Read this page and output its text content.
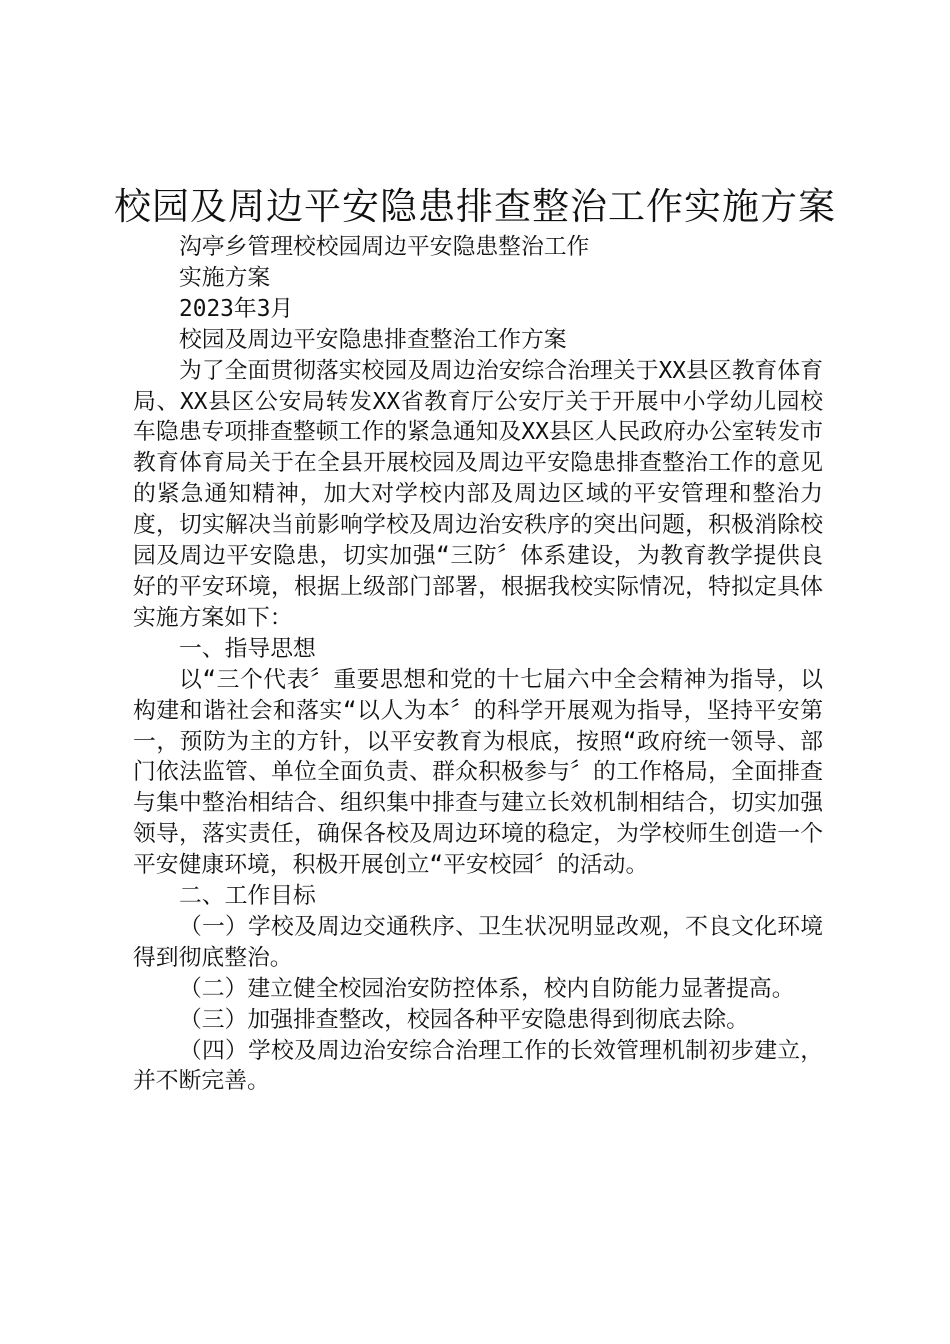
校园及周边平安隐患排查整治工作实施方案

沟亭乡管理校校园周边平安隐患整治工作

实施方案

2023年3月

校园及周边平安隐患排查整治工作方案

为了全面贯彻落实校园及周边治安综合治理关于XX县区教育体育局、XX县区公安局转发XX省教育厅公安厅关于开展中小学幼儿园校车隐患专项排查整顿工作的紧急通知及XX县区人民政府办公室转发市教育体育局关于在全县开展校园及周边平安隐患排查整治工作的意见的紧急通知精神，加大对学校内部及周边区域的平安管理和整治力度，切实解决当前影响学校及周边治安秩序的突出问题，积极消除校园及周边平安隐患，切实加强“三防〞体系建设，为教育教学提供良好的平安环境，根据上级部门部署，根据我校实际情况，特拟定具体实施方案如下：

一、指导思想

以“三个代表〞重要思想和党的十七届六中全会精神为指导，以构建和谐社会和落实“以人为本〞的科学开展观为指导，坚持平安第一，预防为主的方针，以平安教育为根底，按照“政府统一领导、部门依法监管、单位全面负责、群众积极参与〞的工作格局，全面排查与集中整治相结合、组织集中排查与建立长效机制相结合，切实加强领导，落实责任，确保各校及周边环境的稳定，为学校师生创造一个平安健康环境，积极开展创立“平安校园〞的活动。

二、工作目标

（一）学校及周边交通秩序、卫生状况明显改观，不良文化环境得到彻底整治。

（二）建立健全校园治安防控体系，校内自防能力显著提高。

（三）加强排查整改，校园各种平安隐患得到彻底去除。

（四）学校及周边治安综合治理工作的长效管理机制初步建立，并不断完善。
